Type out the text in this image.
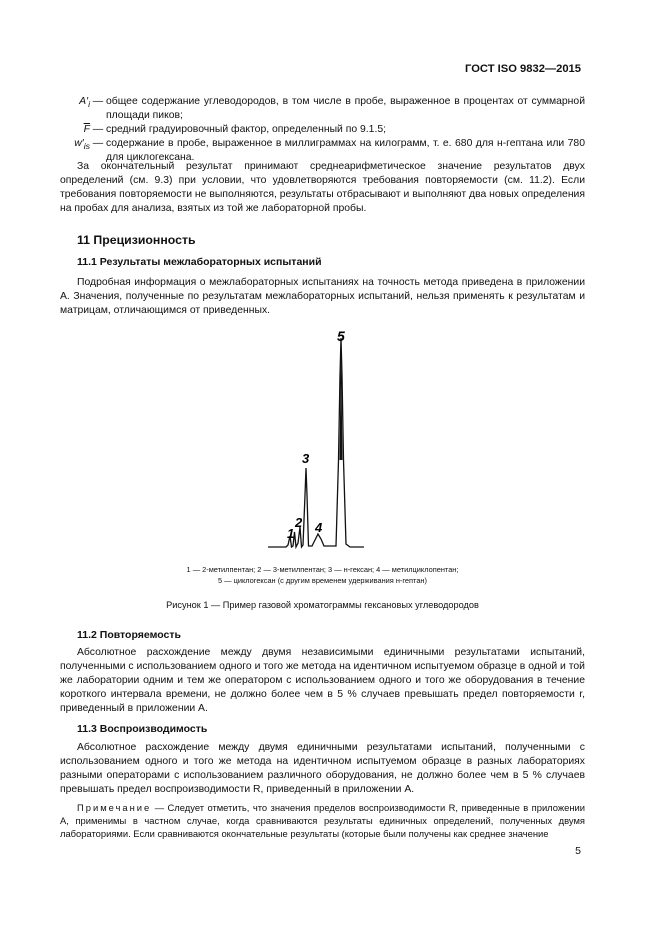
ГОСТ ISO 9832—2015
$A'_i$ — общее содержание углеводородов, в том числе в пробе, выраженное в процентах от суммарной площади пиков;
$\overline{F}$ — средний градуировочный фактор, определенный по 9.1.5;
$w'_{is}$ — содержание в пробе, выраженное в миллиграммах на килограмм, т. е. 680 для н-гептана или 780 для циклогексана.

За окончательный результат принимают среднеарифметическое значение результатов двух определений (см. 9.3) при условии, что удовлетворяются требования повторяемости (см. 11.2). Если требования повторяемости не выполняются, результаты отбрасывают и выполняют два новых определения на пробах для анализа, взятых из той же лабораторной пробы.

11 Прецизионность
11.1 Результаты межлабораторных испытаний

Подробная информация о межлабораторных испытаниях на точность метода приведена в приложении А. Значения, полученные по результатам межлабораторных испытаний, нельзя применять к результатам и матрицам, отличающимся от приведенных.

1
2
3
4
5
1 — 2-метилпентан; 2 — 3-метилпентан; 3 — н-гексан; 4 — метилциклопентан;
5 — циклогексан (с другим временем удерживания н-гептан)
Рисунок 1 — Пример газовой хроматограммы гексановых углеводородов
11.2 Повторяемость

Абсолютное расхождение между двумя независимыми единичными результатами испытаний, полученными с использованием одного и того же метода на идентичном испытуемом образце в одной и той же лаборатории одним и тем же оператором с использованием одного и того же оборудования в течение короткого интервала времени, не должно более чем в 5 % случаев превышать предел повторяемости r, приведенный в приложении А.

11.3 Воспроизводимость

Абсолютное расхождение между двумя единичными результатами испытаний, полученными с использованием одного и того же метода на идентичном испытуемом образце в разных лабораториях разными операторами с использованием различного оборудования, не должно более чем в 5 % случаев превышать предел воспроизводимости R, приведенный в приложении А.

Примечание — Следует отметить, что значения пределов воспроизводимости R, приведенные в приложении А, применимы в частном случае, когда сравниваются результаты единичных определений, полученных двумя лабораториями. Если сравниваются окончательные результаты (которые были получены как среднее значение

5
